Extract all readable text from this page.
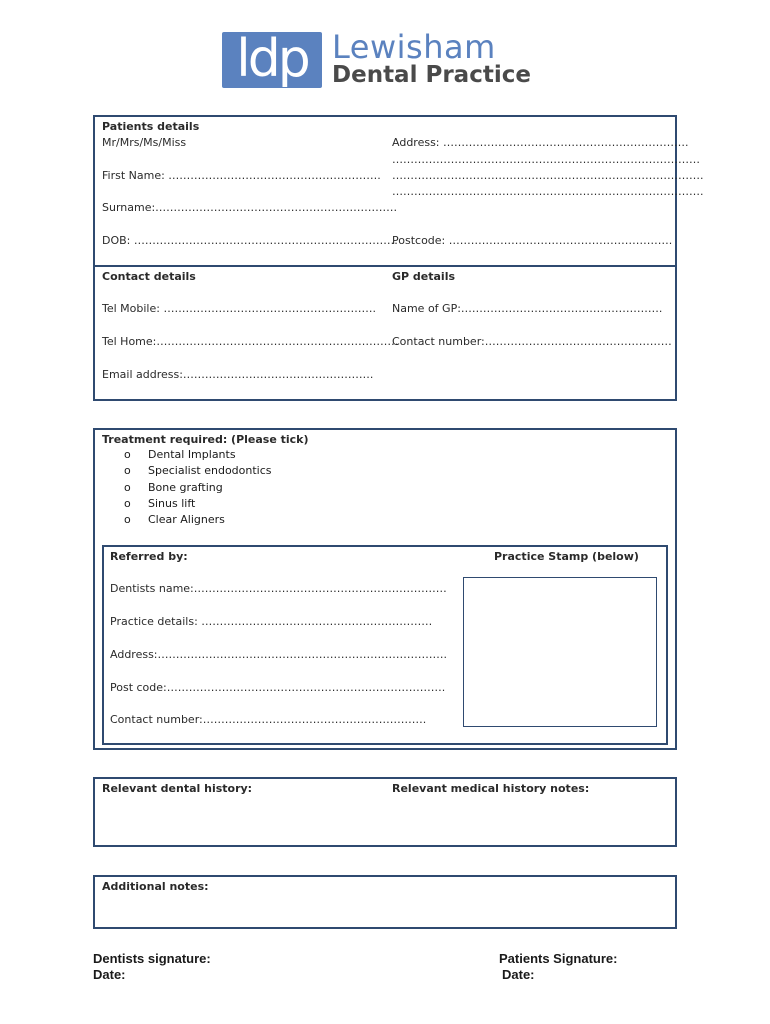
ldp Lewisham
Dental Practice
Patients details
Mr/Mrs/Ms/Miss
First Name: ………………………………………………….
Surname:…………………………………………………………
DOB: ………………………………………………………………
Address: ………………………………………………………….
…………………………………………………………………………
………………………………………………………………………….
………………………………………………………………………….
Postcode: …………………………………………………….
Contact details	GP details
Tel Mobile: ………………………………………………….
Tel Home:…………………………………………………………
Email address:…………………………………………….
Name of GP:……………………………………………….
Contact number:……………………………………………
Treatment required: (Please tick)
o Dental Implants
o Specialist endodontics
o Bone grafting
o Sinus lift
o Clear Aligners
Referred by:	Practice Stamp (below)
Dentists name:……………………………………………………………
Practice details: ………………………………………………………
Address:…………………………………………………………………….
Post code:………………………………………………………………….
Contact number:…………………………………………………….
Relevant dental history:	Relevant medical history notes:
Additional notes:
Dentists signature:
Date:
Patients Signature:
Date:
